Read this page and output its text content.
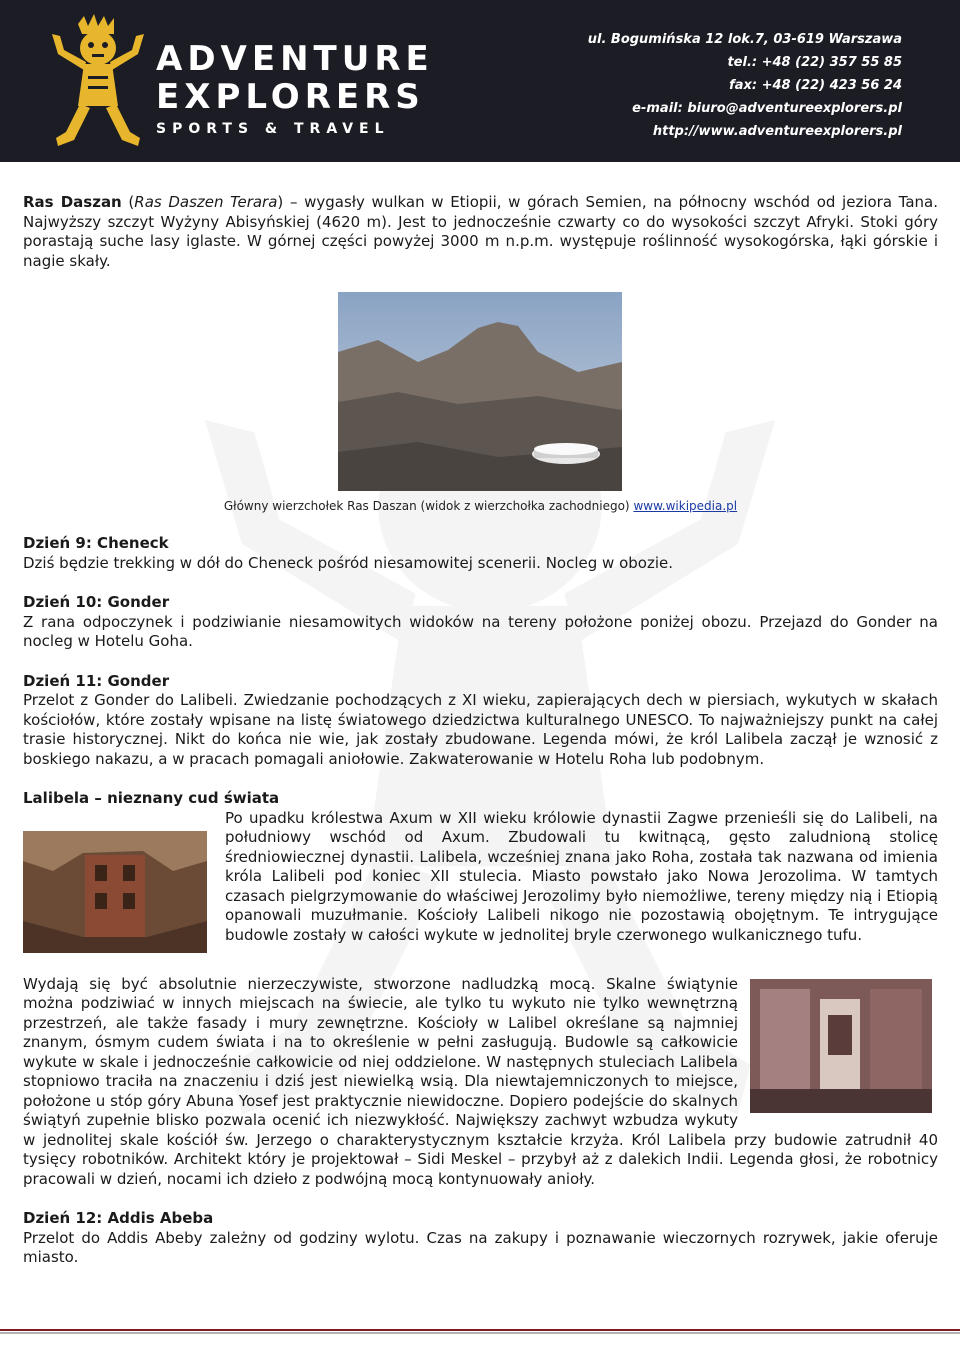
ADVENTURE
EXPLORERS
SPORTS & TRAVEL
ul. Bogumińska 12 lok.7, 03-619 Warszawa
tel.: +48 (22) 357 55 85
fax: +48 (22) 423 56 24
e-mail: biuro@adventureexplorers.pl
http://www.adventureexplorers.pl

Ras Daszan (Ras Daszen Terara) – wygasły wulkan w Etiopii, w górach Semien, na północny wschód od jeziora Tana. Najwyższy szczyt Wyżyny Abisyńskiej (4620 m). Jest to jednocześnie czwarty co do wysokości szczyt Afryki. Stoki góry porastają suche lasy iglaste. W górnej części powyżej 3000 m n.p.m. występuje roślinność wysokogórska, łąki górskie i nagie skały.

Główny wierzchołek Ras Daszan (widok z wierzchołka zachodniego) www.wikipedia.pl
Dzień 9: Cheneck

Dziś będzie trekking w dół do Cheneck pośród niesamowitej scenerii. Nocleg w obozie.

Dzień 10: Gonder

Z rana odpoczynek i podziwianie niesamowitych widoków na tereny położone poniżej obozu. Przejazd do Gonder na nocleg w Hotelu Goha.

Dzień 11: Gonder

Przelot z Gonder do Lalibeli. Zwiedzanie pochodzących z XI wieku, zapierających dech w piersiach, wykutych w skałach kościołów, które zostały wpisane na listę światowego dziedzictwa kulturalnego UNESCO. To najważniejszy punkt na całej trasie historycznej. Nikt do końca nie wie, jak zostały zbudowane. Legenda mówi, że król Lalibela zaczął je wznosić z boskiego nakazu, a w pracach pomagali aniołowie. Zakwaterowanie w Hotelu Roha lub podobnym.

Lalibela – nieznany cud świata

Po upadku królestwa Axum w XII wieku królowie dynastii Zagwe przenieśli się do Lalibeli, na południowy wschód od Axum. Zbudowali tu kwitnącą, gęsto zaludnioną stolicę średniowiecznej dynastii. Lalibela, wcześniej znana jako Roha, została tak nazwana od imienia króla Lalibeli pod koniec XII stulecia. Miasto powstało jako Nowa Jerozolima. W tamtych czasach pielgrzymowanie do właściwej Jerozolimy było niemożliwe, tereny między nią i Etiopią opanowali muzułmanie. Kościoły Lalibeli nikogo nie pozostawią obojętnym. Te intrygujące budowle zostały w całości wykute w jednolitej bryle czerwonego wulkanicznego tufu.

Wydają się być absolutnie nierzeczywiste, stworzone nadludzką mocą. Skalne świątynie można podziwiać w innych miejscach na świecie, ale tylko tu wykuto nie tylko wewnętrzną przestrzeń, ale także fasady i mury zewnętrzne. Kościoły w Lalibel określane są najmniej znanym, ósmym cudem świata i na to określenie w pełni zasługują. Budowle są całkowicie wykute w skale i jednocześnie całkowicie od niej oddzielone. W następnych stuleciach Lalibela stopniowo traciła na znaczeniu i dziś jest niewielką wsią. Dla niewtajemniczonych to miejsce, położone u stóp góry Abuna Yosef jest praktycznie niewidoczne. Dopiero podejście do skalnych świątyń zupełnie blisko pozwala ocenić ich niezwykłość. Największy zachwyt wzbudza wykuty w jednolitej skale kościół św. Jerzego o charakterystycznym kształcie krzyża. Król Lalibela przy budowie zatrudnił 40 tysięcy robotników. Architekt który je projektował – Sidi Meskel – przybył aż z dalekich Indii. Legenda głosi, że robotnicy pracowali w dzień, nocami ich dzieło z podwójną mocą kontynuowały anioły.

Dzień 12: Addis Abeba

Przelot do Addis Abeby zależny od godziny wylotu. Czas na zakupy i poznawanie wieczornych rozrywek, jakie oferuje miasto.
